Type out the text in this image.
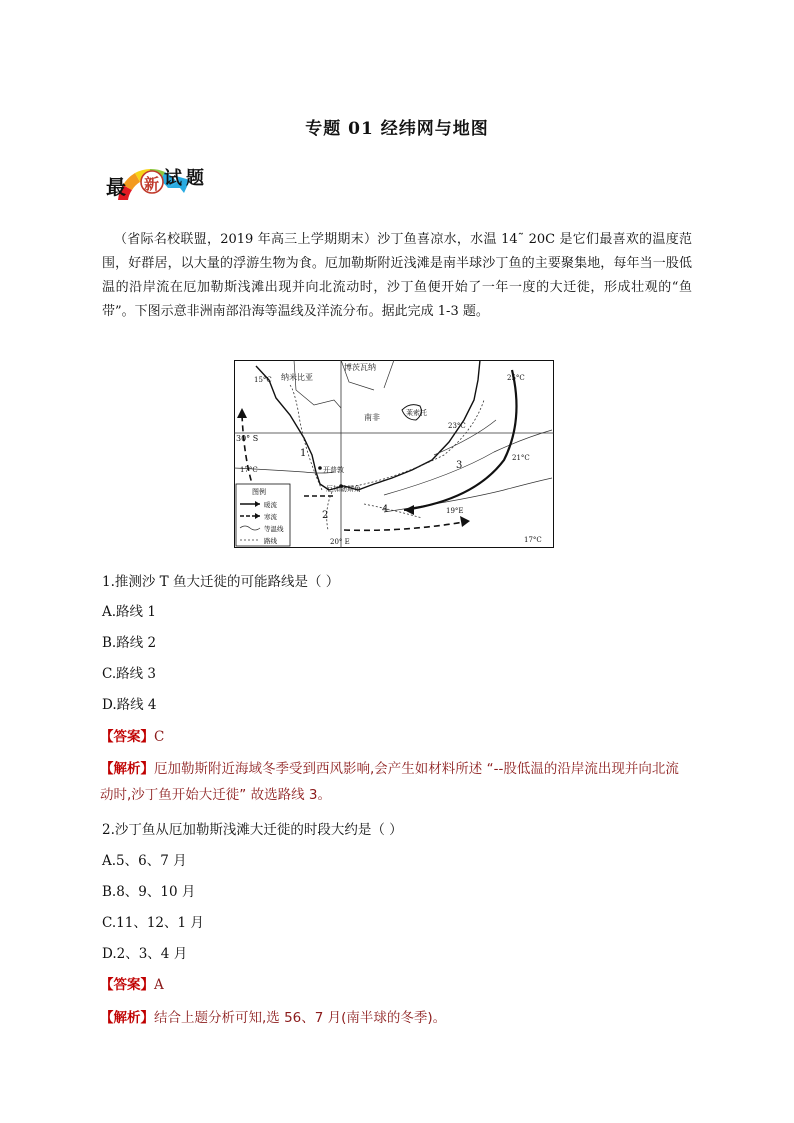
专题 01 经纬网与地图
最 新 试 题
（省际名校联盟，2019 年高三上学期期末）沙丁鱼喜凉水，水温 14˜ 20C 是它们最喜欢的温度范围，好群居，以大量的浮游生物为食。厄加勒斯附近浅滩是南半球沙丁鱼的主要聚集地，每年当一股低温的沿岸流在厄加勒斯浅滩出现并向北流动时，沙丁鱼便开始了一年一度的大迁徙，形成壮观的“鱼带”。下图示意非洲南部沿海等温线及洋流分布。据此完成 1-3 题。
纳米比亚
博茨瓦纳
南非	莱索托
开普敦
厄加勒斯角
30° S
20° E
19°E
15°C	25°C
23°C
21°C
17°C
17°C
1
2
3
4
图例
暖流
寒流
等温线
路线
1.推测沙 T 鱼大迁徙的可能路线是（ ）
A.路线 1
B.路线 2
C.路线 3
D.路线 4
【答案】C
【解析】厄加勒斯附近海域冬季受到西风影响,会产生如材料所述 “--股低温的沿岸流出现并向北流
动时,沙丁鱼开始大迁徙” 故选路线 3。
2.沙丁鱼从厄加勒斯浅滩大迁徙的时段大约是（ ）
A.5、6、7 月
B.8、9、10 月
C.11、12、1 月
D.2、3、4 月
【答案】A
【解析】结合上题分析可知,选 56、7 月(南半球的冬季)。
